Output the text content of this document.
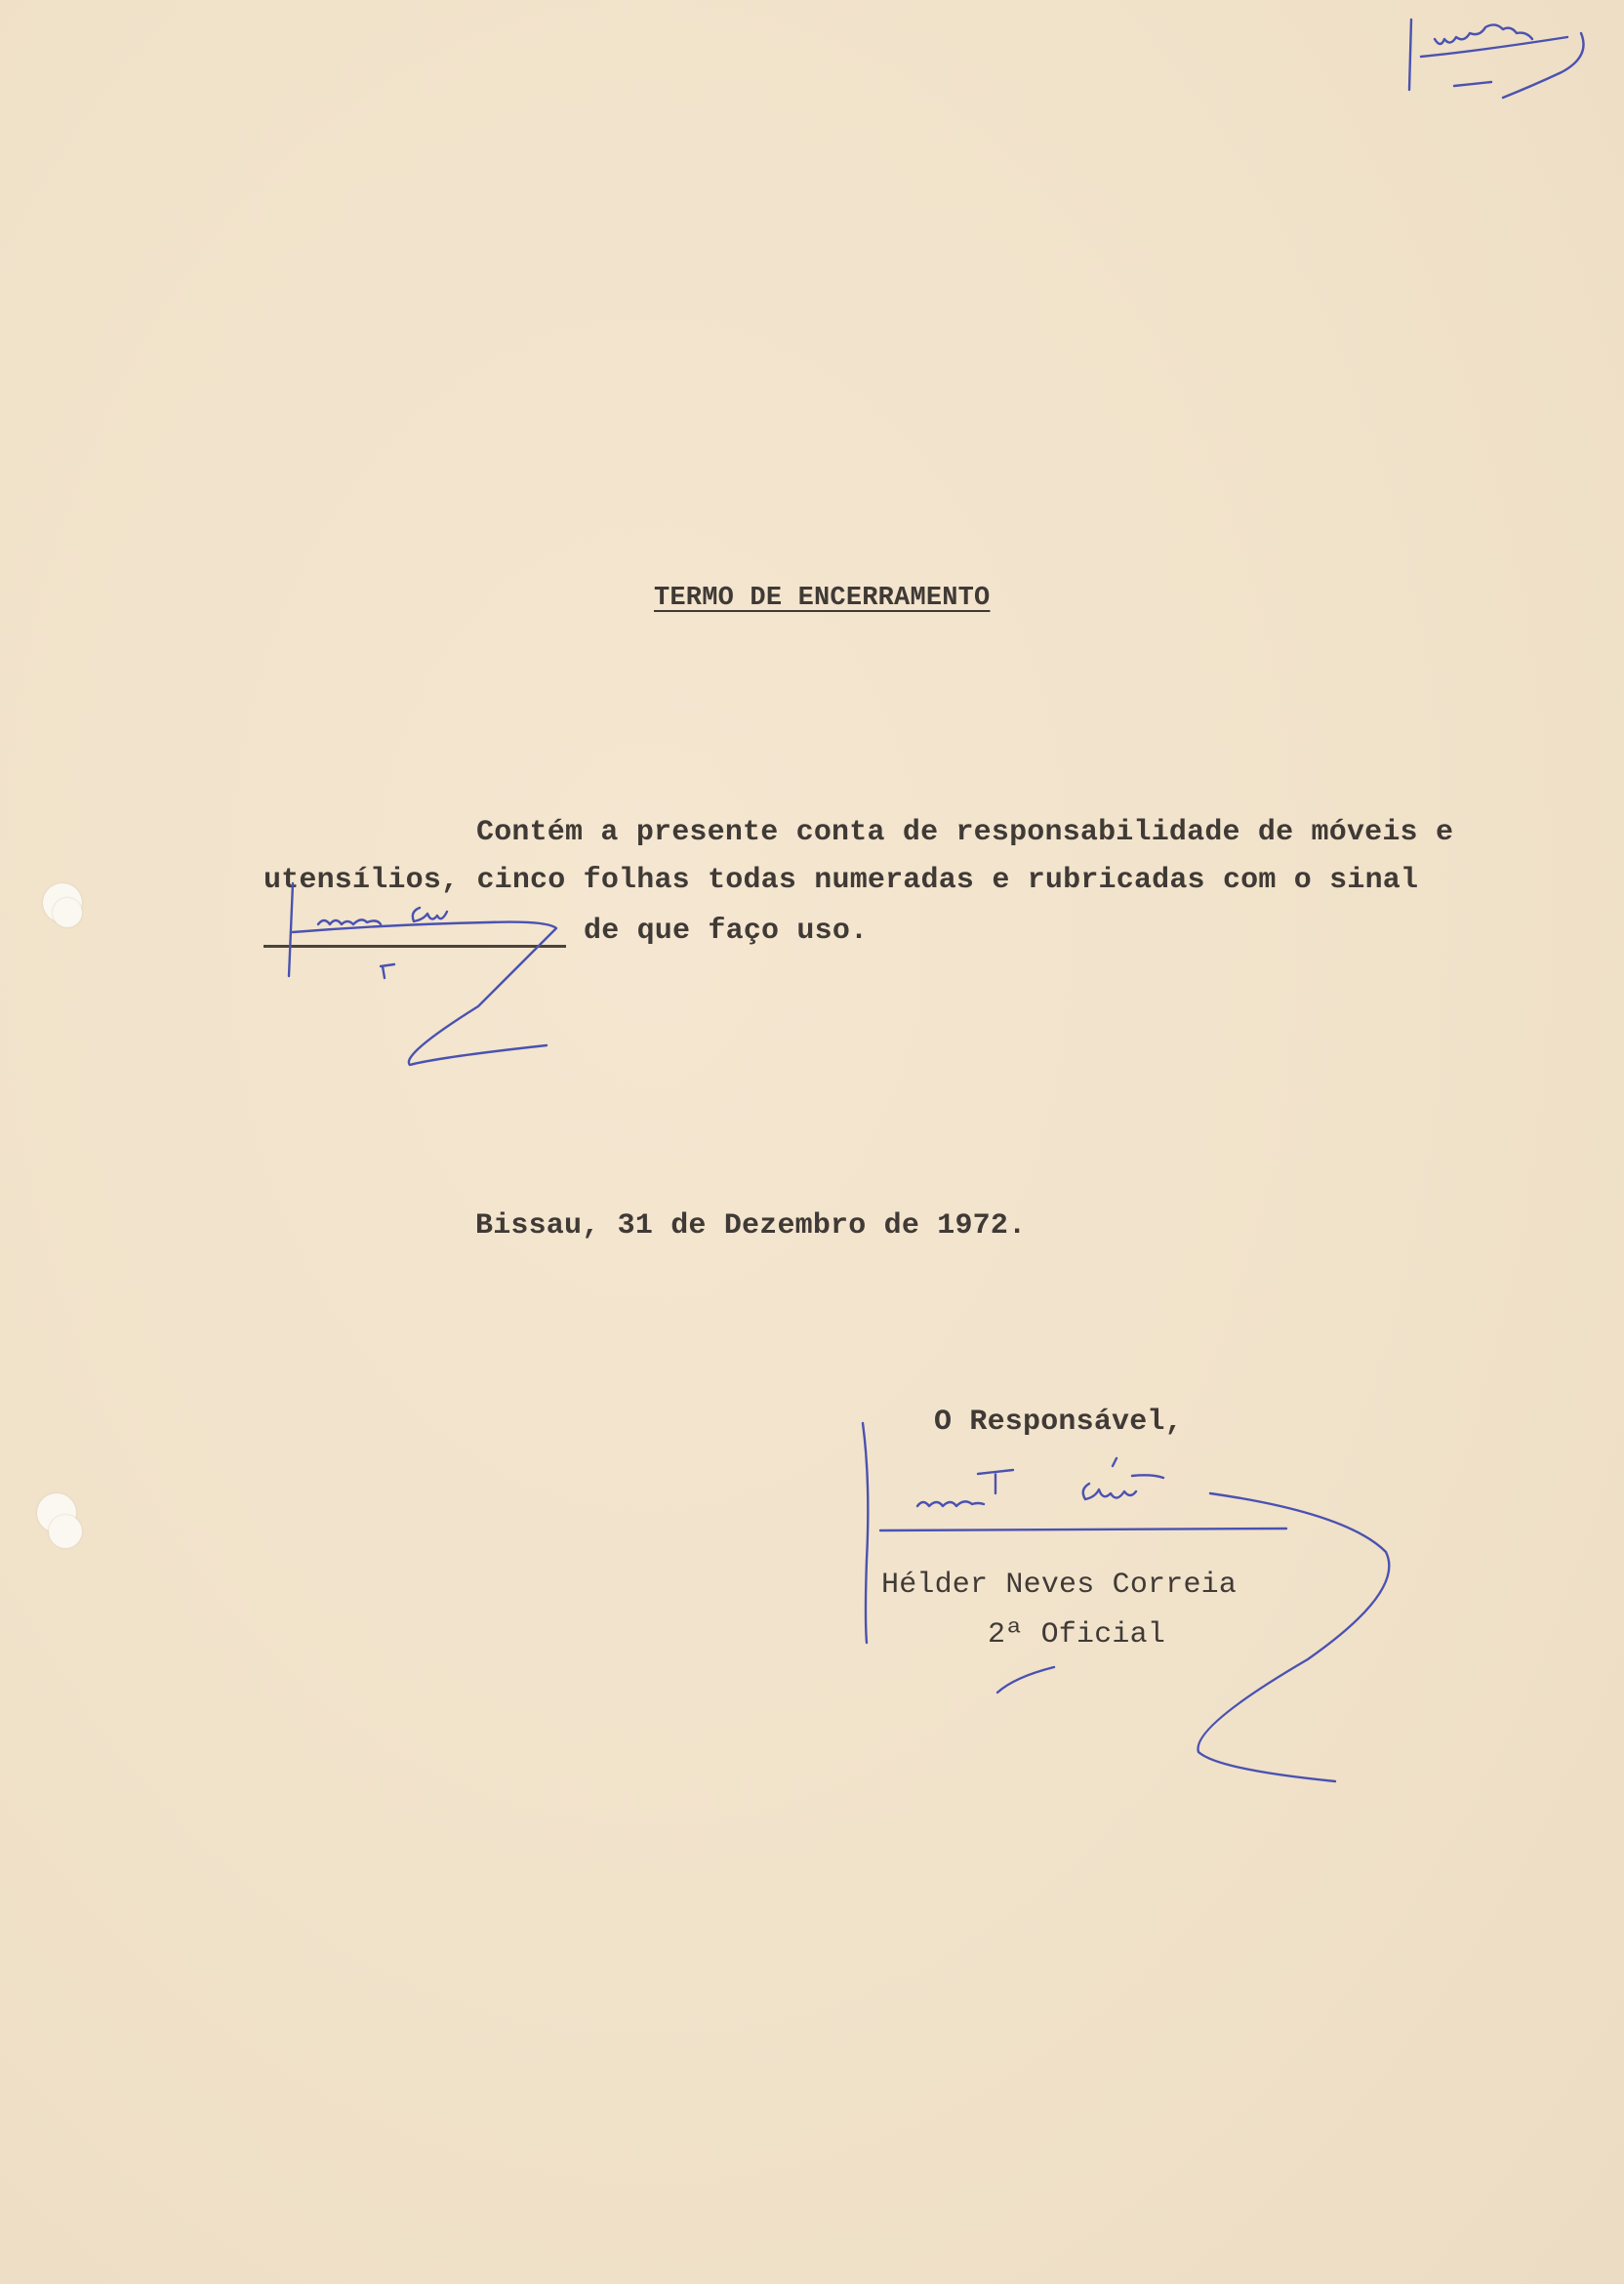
TERMO DE ENCERRAMENTO
Contém a presente conta de responsabilidade de móveis e
utensílios, cinco folhas todas numeradas e rubricadas com o sinal
de que faço uso.
Bissau, 31 de Dezembro de 1972.
O Responsável,
Hélder Neves Correia
2ª Oficial
